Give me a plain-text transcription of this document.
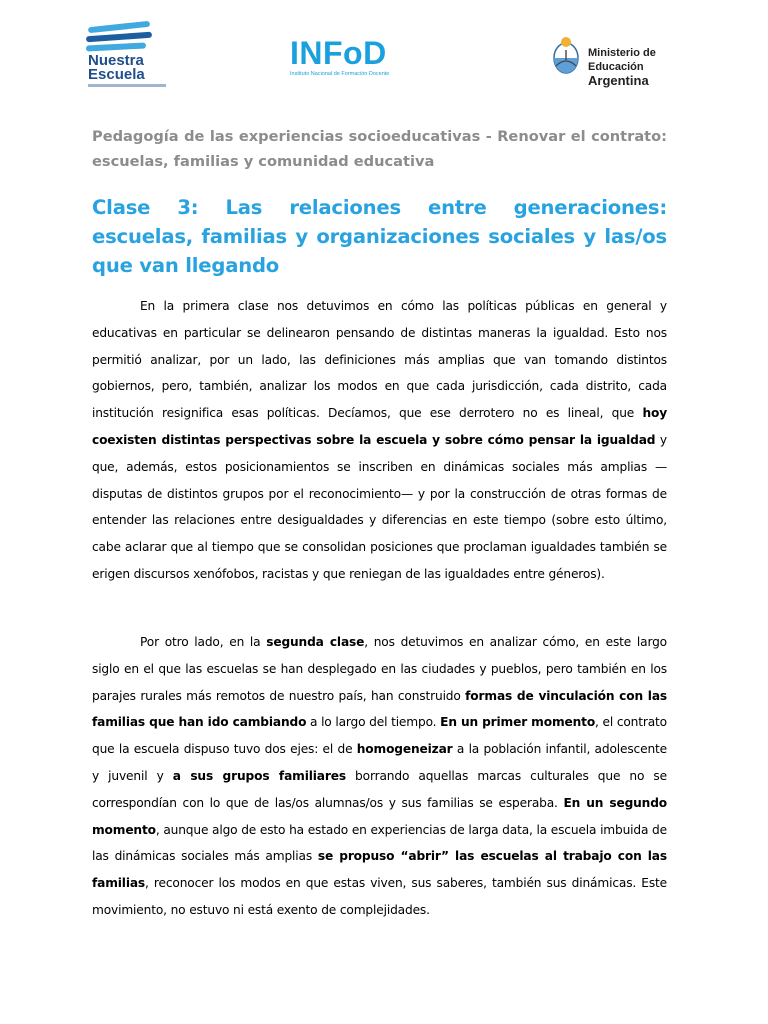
Nuestra
Escuela
INFoD
Instituto Nacional de Formación Docente
Ministerio de Educación
Argentina
Pedagogía de las experiencias socioeducativas - Renovar el contrato: escuelas, familias y comunidad educativa
Clase 3: Las relaciones entre generaciones: escuelas, familias y organizaciones sociales y las/os que van llegando
En la primera clase nos detuvimos en cómo las políticas públicas en general y educativas en particular se delinearon pensando de distintas maneras la igualdad. Esto nos permitió analizar, por un lado, las definiciones más amplias que van tomando distintos gobiernos, pero, también, analizar los modos en que cada jurisdicción, cada distrito, cada institución resignifica esas políticas. Decíamos, que ese derrotero no es lineal, que hoy coexisten distintas perspectivas sobre la escuela y sobre cómo pensar la igualdad y que, además, estos posicionamientos se inscriben en dinámicas sociales más amplias —disputas de distintos grupos por el reconocimiento— y por la construcción de otras formas de entender las relaciones entre desigualdades y diferencias en este tiempo (sobre esto último, cabe aclarar que al tiempo que se consolidan posiciones que proclaman igualdades también se erigen discursos xenófobos, racistas y que reniegan de las igualdades entre géneros).
Por otro lado, en la segunda clase, nos detuvimos en analizar cómo, en este largo siglo en el que las escuelas se han desplegado en las ciudades y pueblos, pero también en los parajes rurales más remotos de nuestro país, han construido formas de vinculación con las familias que han ido cambiando a lo largo del tiempo. En un primer momento, el contrato que la escuela dispuso tuvo dos ejes: el de homogeneizar a la población infantil, adolescente y juvenil y a sus grupos familiares borrando aquellas marcas culturales que no se correspondían con lo que de las/os alumnas/os y sus familias se esperaba. En un segundo momento, aunque algo de esto ha estado en experiencias de larga data, la escuela imbuida de las dinámicas sociales más amplias se propuso “abrir” las escuelas al trabajo con las familias, reconocer los modos en que estas viven, sus saberes, también sus dinámicas. Este movimiento, no estuvo ni está exento de complejidades.
